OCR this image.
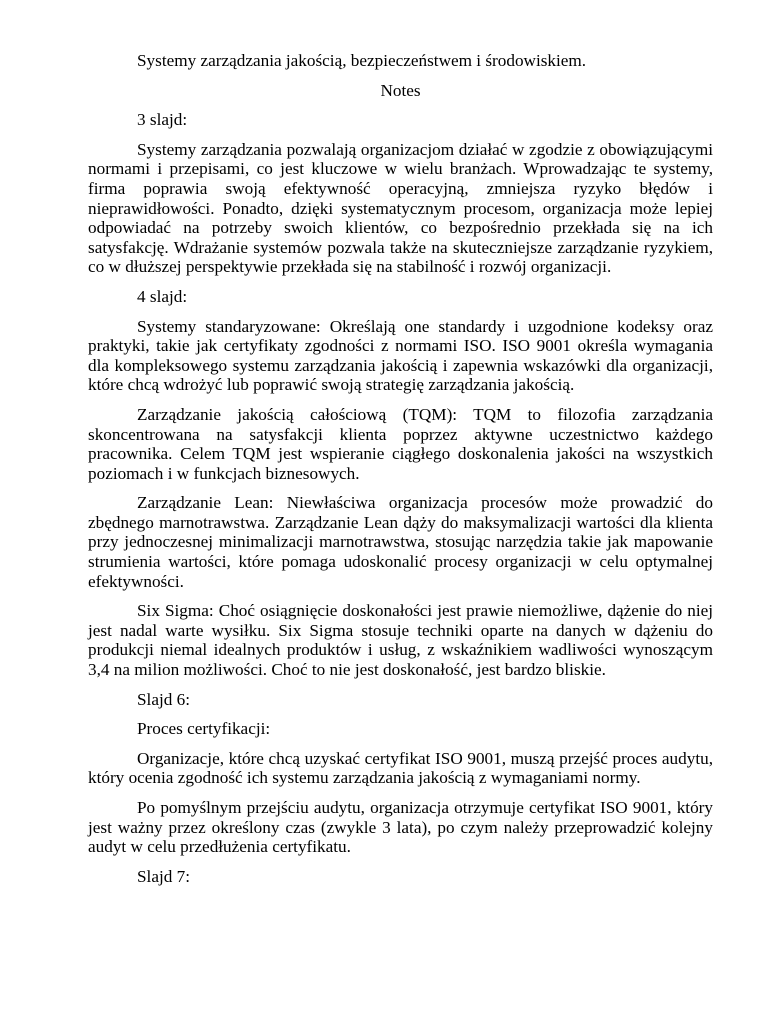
Systemy zarządzania jakością, bezpieczeństwem i środowiskiem.

Notes

3 slajd:

Systemy zarządzania pozwalają organizacjom działać w zgodzie z obowiązującymi normami i przepisami, co jest kluczowe w wielu branżach. Wprowadzając te systemy, firma poprawia swoją efektywność operacyjną, zmniejsza ryzyko błędów i nieprawidłowości. Ponadto, dzięki systematycznym procesom, organizacja może lepiej odpowiadać na potrzeby swoich klientów, co bezpośrednio przekłada się na ich satysfakcję. Wdrażanie systemów pozwala także na skuteczniejsze zarządzanie ryzykiem, co w dłuższej perspektywie przekłada się na stabilność i rozwój organizacji.

4 slajd:

Systemy standaryzowane: Określają one standardy i uzgodnione kodeksy oraz praktyki, takie jak certyfikaty zgodności z normami ISO. ISO 9001 określa wymagania dla kompleksowego systemu zarządzania jakością i zapewnia wskazówki dla organizacji, które chcą wdrożyć lub poprawić swoją strategię zarządzania jakością.

Zarządzanie jakością całościową (TQM): TQM to filozofia zarządzania skoncentrowana na satysfakcji klienta poprzez aktywne uczestnictwo każdego pracownika. Celem TQM jest wspieranie ciągłego doskonalenia jakości na wszystkich poziomach i w funkcjach biznesowych.

Zarządzanie Lean: Niewłaściwa organizacja procesów może prowadzić do zbędnego marnotrawstwa. Zarządzanie Lean dąży do maksymalizacji wartości dla klienta przy jednoczesnej minimalizacji marnotrawstwa, stosując narzędzia takie jak mapowanie strumienia wartości, które pomaga udoskonalić procesy organizacji w celu optymalnej efektywności.

Six Sigma: Choć osiągnięcie doskonałości jest prawie niemożliwe, dążenie do niej jest nadal warte wysiłku. Six Sigma stosuje techniki oparte na danych w dążeniu do produkcji niemal idealnych produktów i usług, z wskaźnikiem wadliwości wynoszącym 3,4 na milion możliwości. Choć to nie jest doskonałość, jest bardzo bliskie.

Slajd 6:

Proces certyfikacji:

Organizacje, które chcą uzyskać certyfikat ISO 9001, muszą przejść proces audytu, który ocenia zgodność ich systemu zarządzania jakością z wymaganiami normy.

Po pomyślnym przejściu audytu, organizacja otrzymuje certyfikat ISO 9001, który jest ważny przez określony czas (zwykle 3 lata), po czym należy przeprowadzić kolejny audyt w celu przedłużenia certyfikatu.

Slajd 7:
